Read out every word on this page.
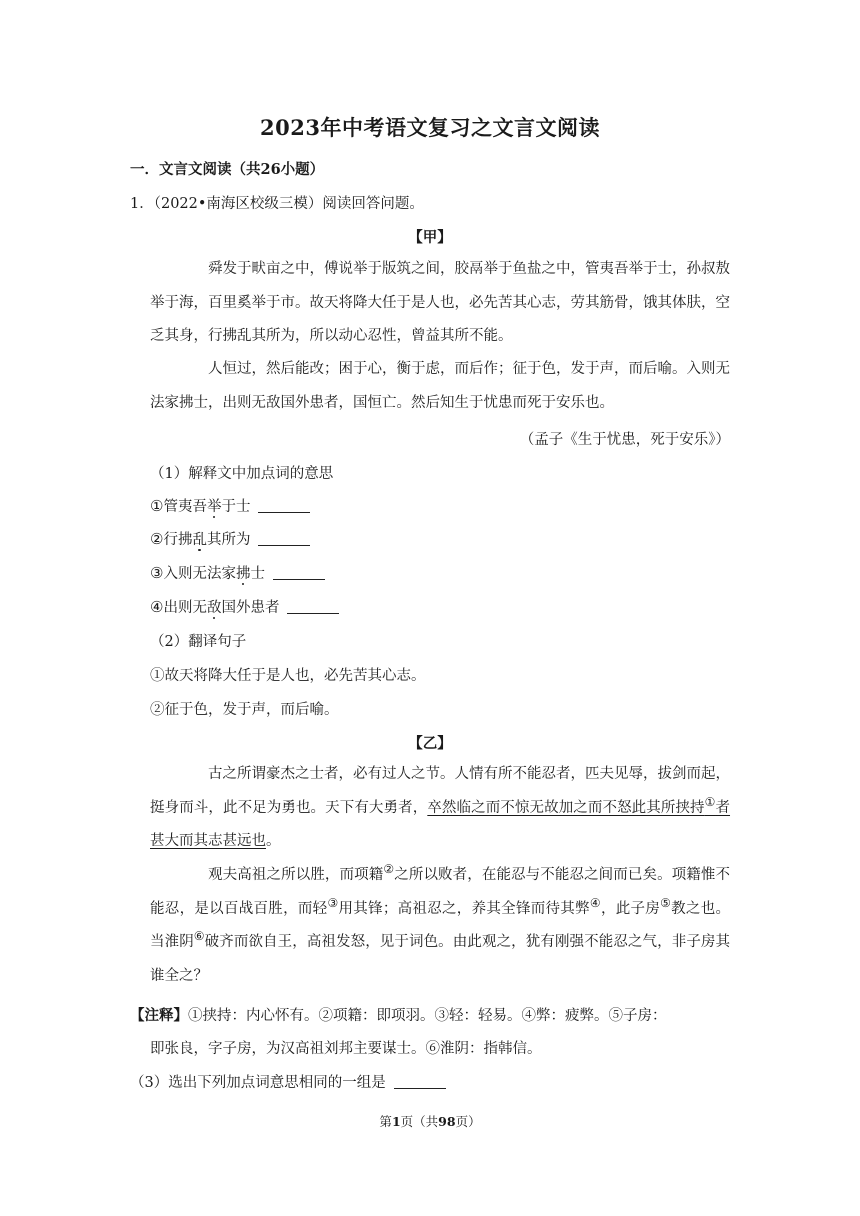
2023年中考语文复习之文言文阅读
一．文言文阅读（共26小题）
1．（2022•南海区校级三模）阅读回答问题。
【甲】
舜发于畎亩之中，傅说举于版筑之间，胶鬲举于鱼盐之中，管夷吾举于士，孙叔敖举于海，百里奚举于市。故天将降大任于是人也，必先苦其心志，劳其筋骨，饿其体肤，空乏其身，行拂乱其所为，所以动心忍性，曾益其所不能。
人恒过，然后能改；困于心，衡于虑，而后作；征于色，发于声，而后喻。入则无法家拂士，出则无敌国外患者，国恒亡。然后知生于忧患而死于安乐也。
（孟子《生于忧患，死于安乐》）
（1）解释文中加点词的意思
①管夷吾举于士
②行拂乱其所为
③入则无法家拂士
④出则无敌国外患者
（2）翻译句子
①故天将降大任于是人也，必先苦其心志。
②征于色，发于声，而后喻。
【乙】
古之所谓豪杰之士者，必有过人之节。人情有所不能忍者，匹夫见辱，拔剑而起，挺身而斗，此不足为勇也。天下有大勇者，卒然临之而不惊无故加之而不怒此其所挟持①者甚大而其志甚远也。
观夫高祖之所以胜，而项籍②之所以败者，在能忍与不能忍之间而已矣。项籍惟不能忍，是以百战百胜，而轻③用其锋；高祖忍之，养其全锋而待其弊④，此子房⑤教之也。当淮阴⑥破齐而欲自王，高祖发怒，见于词色。由此观之，犹有刚强不能忍之气，非子房其谁全之？
【注释】①挟持：内心怀有。②项籍：即项羽。③轻：轻易。④弊：疲弊。⑤子房：
即张良，字子房，为汉高祖刘邦主要谋士。⑥淮阴：指韩信。
（3）选出下列加点词意思相同的一组是
第1页（共98页）
